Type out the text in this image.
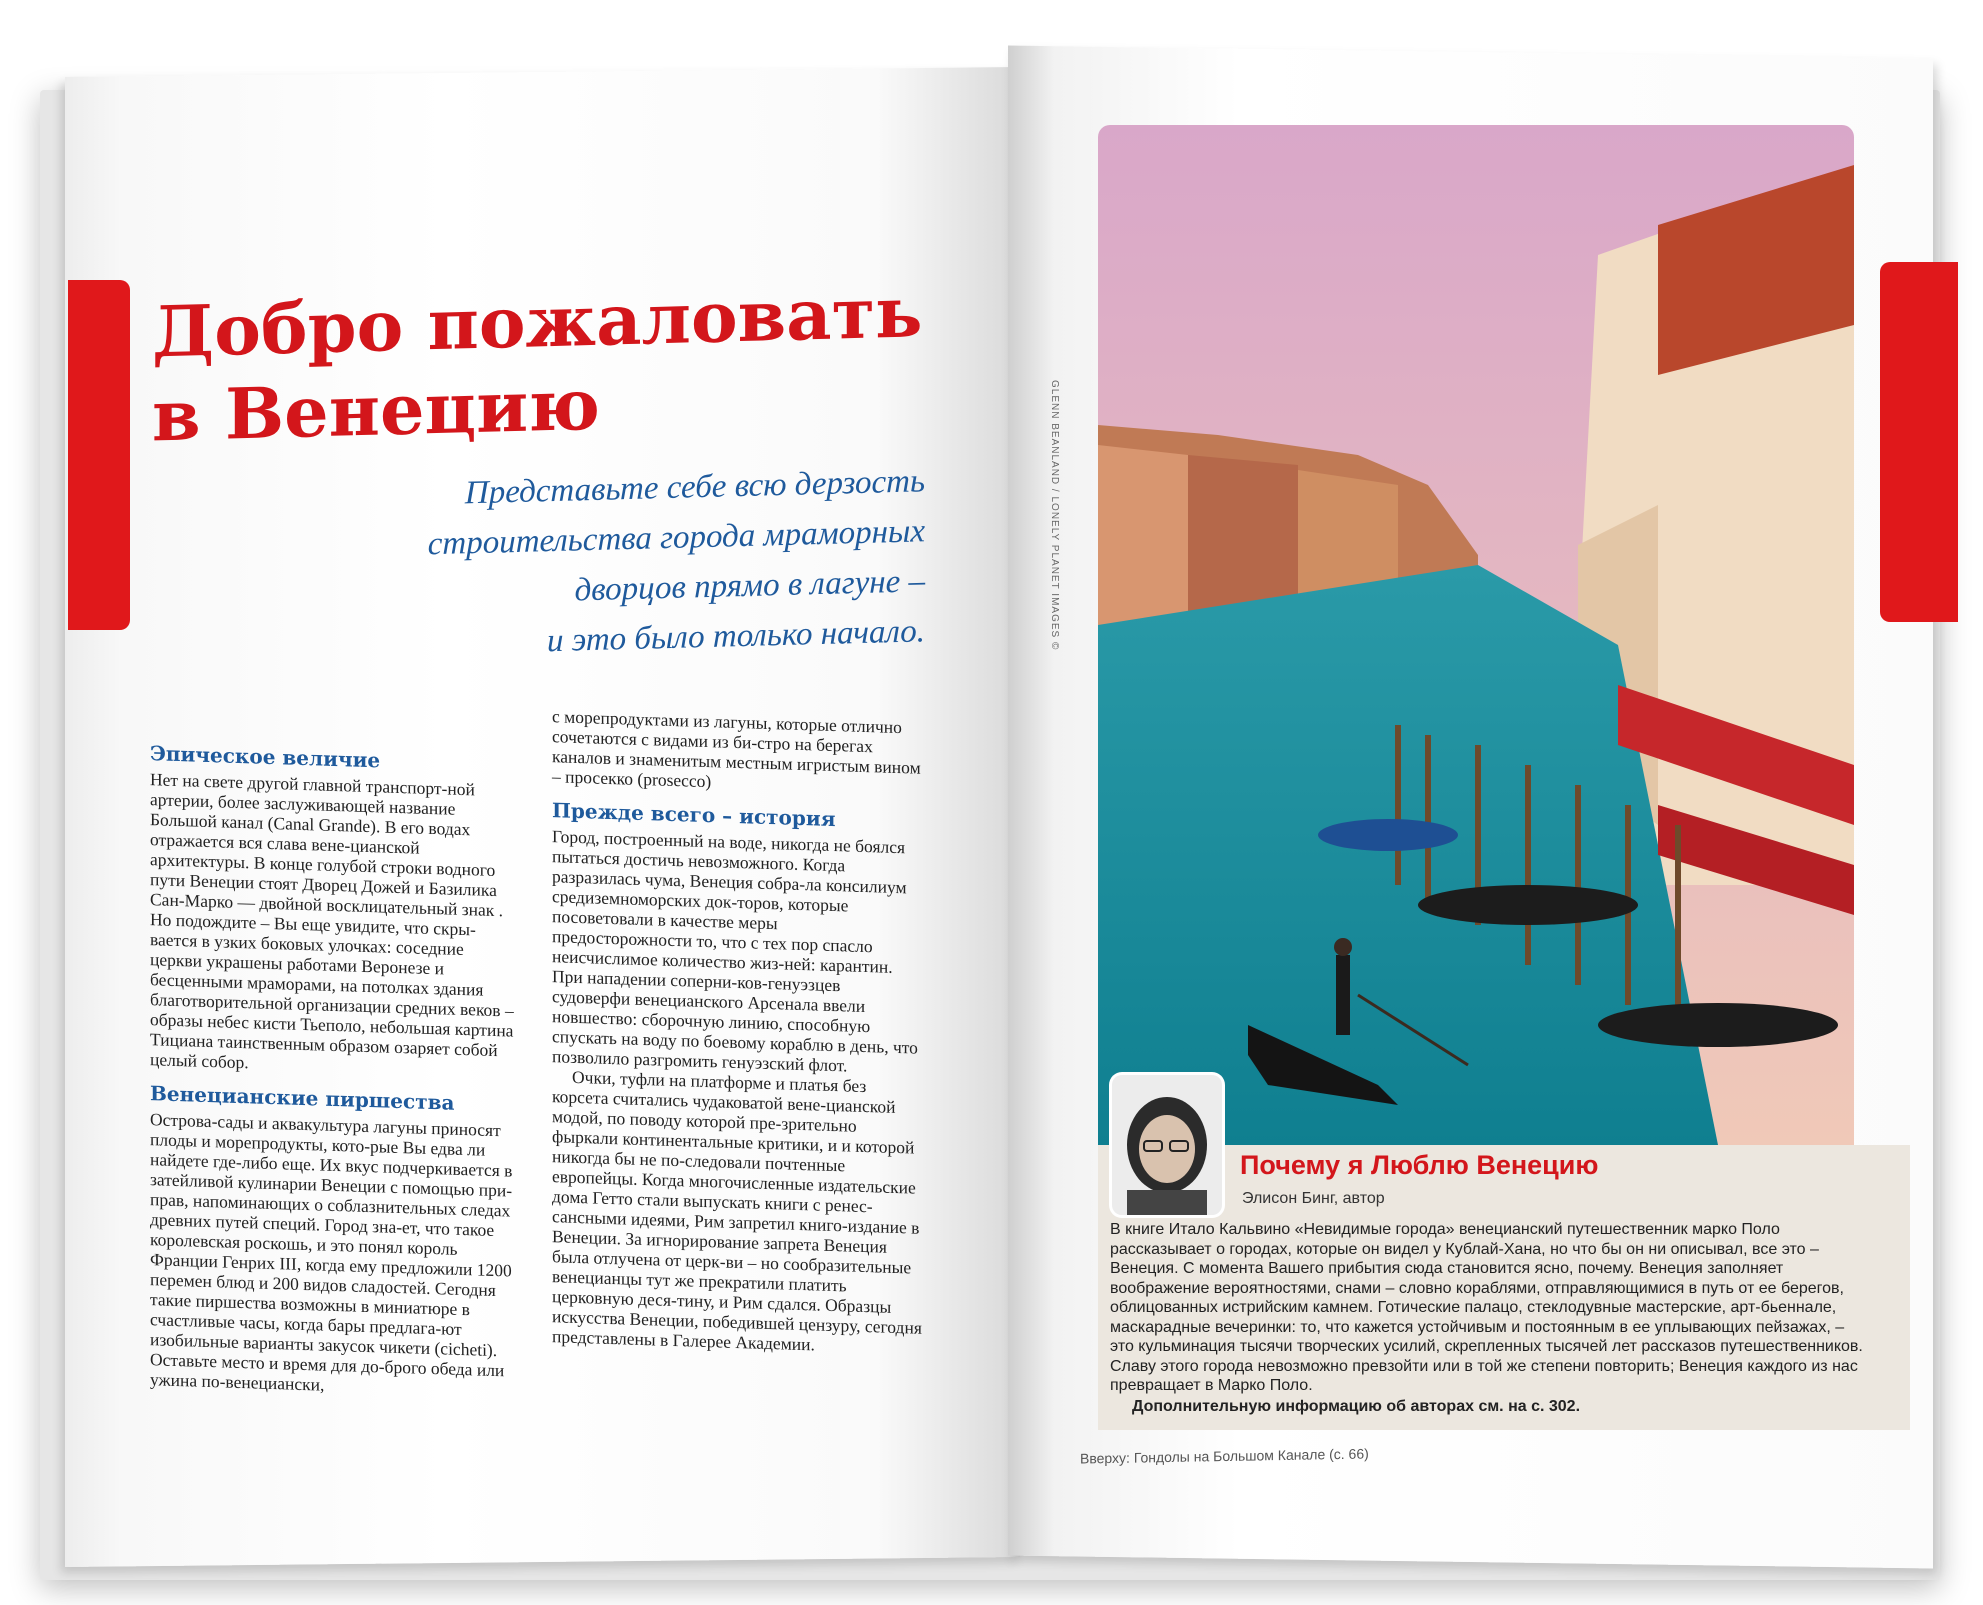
Добро пожаловать
в Венецию
Представьте себе всю дерзость
строительства города мраморных
дворцов прямо в лагуне –
и это было только начало.
Эпическое величие

Нет на свете другой главной транспорт-ной артерии, более заслуживающей название Большой канал (Canal Grande). В его водах отражается вся слава вене-цианской архитектуры. В конце голубой строки водного пути Венеции стоят Дворец Дожей и Базилика Сан-Марко — двойной восклицательный знак . Но подождите – Вы еще увидите, что скры-вается в узких боковых улочках: соседние церкви украшены работами Веронезе и бесценными мраморами, на потолках здания благотворительной организации средних веков – образы небес кисти Тьеполо, небольшая картина Тициана таинственным образом озаряет собой целый собор.

Венецианские пиршества

Острова-сады и аквакультура лагуны приносят плоды и морепродукты, кото-рые Вы едва ли найдете где-либо еще. Их вкус подчеркивается в затейливой кулинарии Венеции с помощью при-прав, напоминающих о соблазнительных следах древних путей специй. Город зна-ет, что такое королевская роскошь, и это понял король Франции Генрих III, когда ему предложили 1200 перемен блюд и 200 видов сладостей. Сегодня такие пиршества возможны в миниатюре в счастливые часы, когда бары предлага-ют изобильные варианты закусок чикети (cicheti). Оставьте место и время для до-брого обеда или ужина по-венециански,

с морепродуктами из лагуны, которые отлично сочетаются с видами из би-стро на берегах каналов и знаменитым местным игристым вином – просекко (prosecco)

Прежде всего – история

Город, построенный на воде, никогда не боялся пытаться достичь невозможного. Когда разразилась чума, Венеция собра-ла консилиум средиземноморских док-торов, которые посоветовали в качестве меры предосторожности то, что с тех пор спасло неисчислимое количество жиз-ней: карантин. При нападении соперни-ков-генуэзцев судоверфи венецианского Арсенала ввели новшество: сборочную линию, способную спускать на воду по боевому кораблю в день, что позволило разгромить генуэзский флот.

Очки, туфли на платформе и платья без корсета считались чудаковатой вене-цианской модой, по поводу которой пре-зрительно фыркали континентальные критики, и и которой никогда бы не по-следовали почтенные европейцы. Когда многочисленные издательские дома Гетто стали выпускать книги с ренес-сансными идеями, Рим запретил книго-издание в Венеции. За игнорирование запрета Венеция была отлучена от церк-ви – но сообразительные венецианцы тут же прекратили платить церковную деся-тину, и Рим сдался. Образцы искусства Венеции, победившей цензуру, сегодня представлены в Галерее Академии.

GLENN BEANLAND / LONELY PLANET IMAGES ©
Почему я Люблю Венецию
Элисон Бинг, автор
В книге Итало Кальвино «Невидимые города» венецианский путешественник марко Поло рассказывает о городах, которые он видел у Кублай-Хана, но что бы он ни описывал, все это – Венеция. С момента Вашего прибытия сюда становится ясно, почему. Венеция заполняет воображение вероятностями, снами – словно кораблями, отправляющимися в путь от ее берегов, облицованных истрийским камнем. Готические палацо, стеклодувные мастерские, арт-бьеннале, маскарадные вечеринки: то, что кажется устойчивым и постоянным в ее уплывающих пейзажах, – это кульминация тысячи творческих усилий, скрепленных тысячей лет рассказов путешественников. Славу этого города невозможно превзойти или в той же степени повторить; Венеция каждого из нас превращает в Марко Поло.
Дополнительную информацию об авторах см. на с. 302.
Вверху: Гондолы на Большом Канале (с. 66)
